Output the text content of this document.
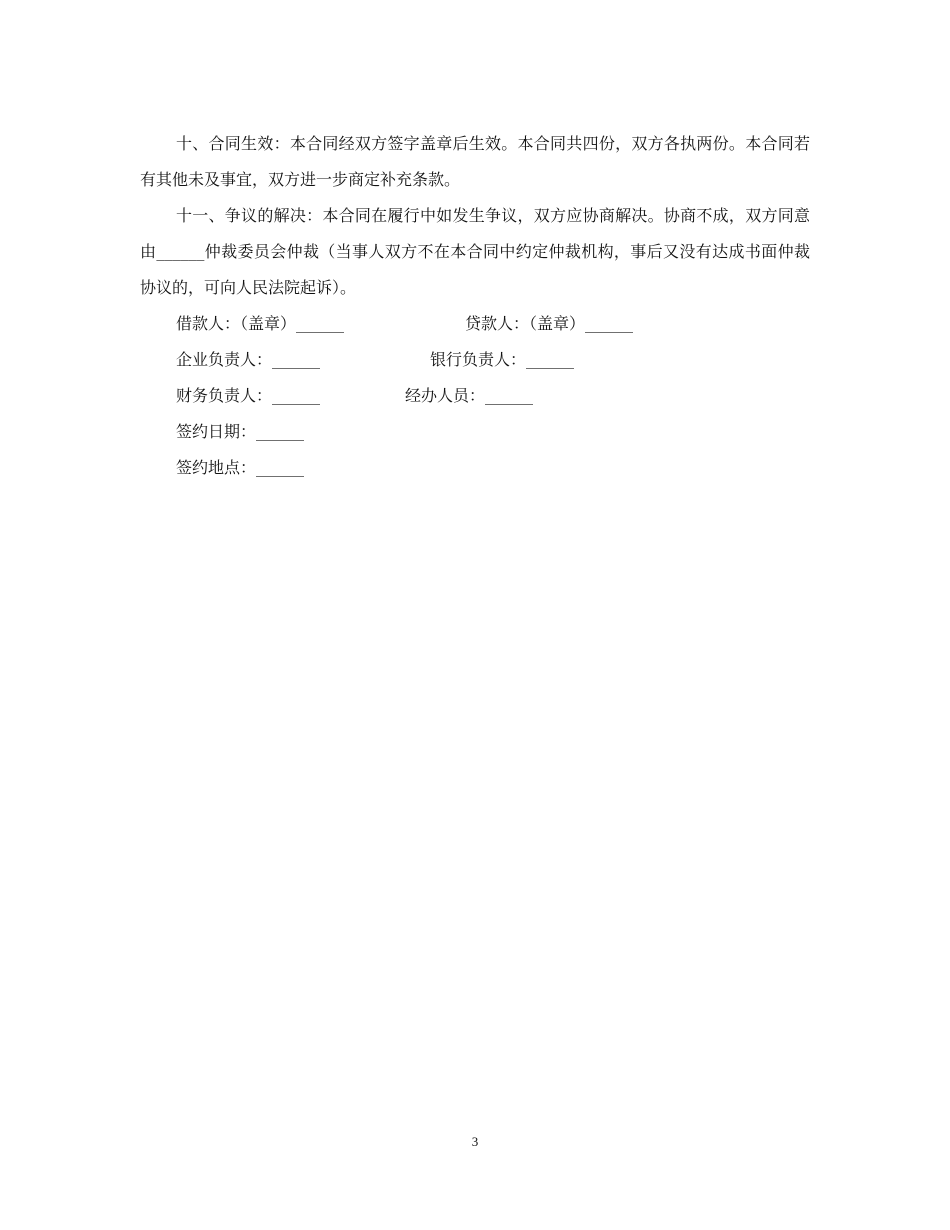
十、合同生效：本合同经双方签字盖章后生效。本合同共四份，双方各执两份。本合同若有其他未及事宜，双方进一步商定补充条款。

十一、争议的解决：本合同在履行中如发生争议，双方应协商解决。协商不成，双方同意由______仲裁委员会仲裁（当事人双方不在本合同中约定仲裁机构，事后又没有达成书面仲裁协议的，可向人民法院起诉）。

借款人：（盖章）______	贷款人：（盖章）______
企业负责人：______	银行负责人：______
财务负责人：______	经办人员：______
签约日期：______
签约地点：______
3
